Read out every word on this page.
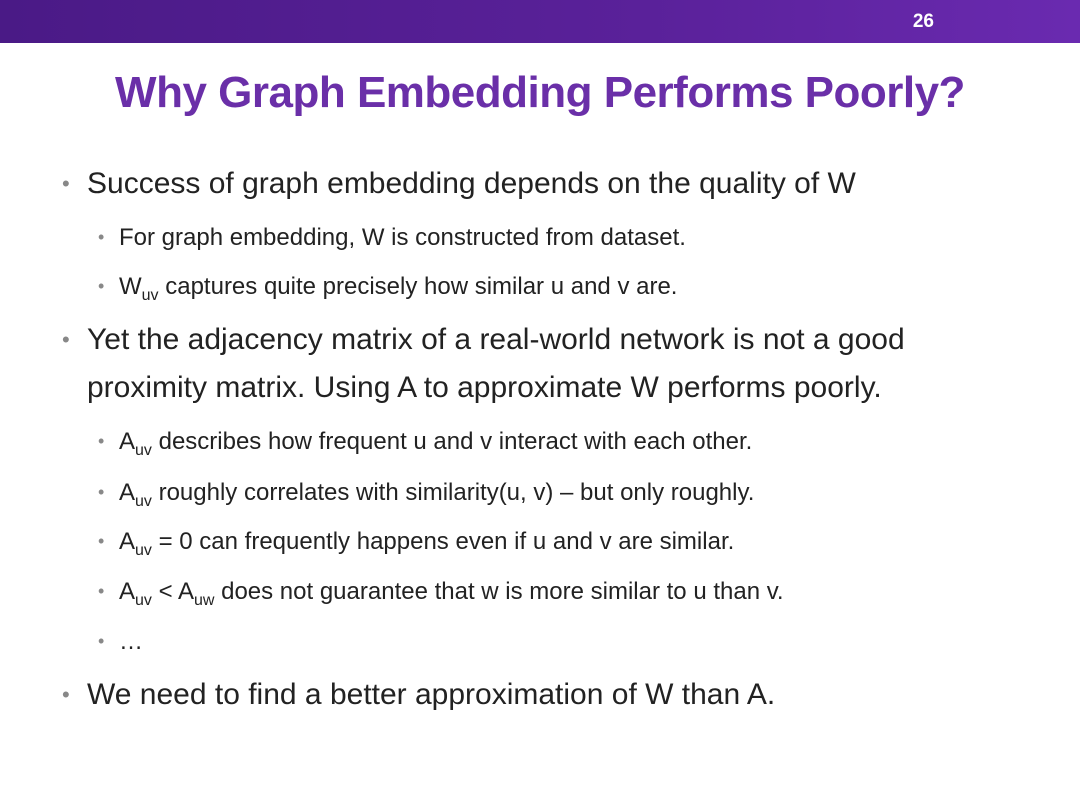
26
Why Graph Embedding Performs Poorly?
• Success of graph embedding depends on the quality of W
• For graph embedding, W is constructed from dataset.
• $W_{uv}$ captures quite precisely how similar u and v are.
• Yet the adjacency matrix of a real-world network is not a good proximity matrix. Using A to approximate W performs poorly.
• $A_{uv}$ describes how frequent u and v interact with each other.
• $A_{uv}$ roughly correlates with similarity(u, v) – but only roughly.
• $A_{uv} = 0$ can frequently happens even if u and v are similar.
• $A_{uv} < A_{uw}$ does not guarantee that w is more similar to u than v.
• …
• We need to find a better approximation of W than A.
